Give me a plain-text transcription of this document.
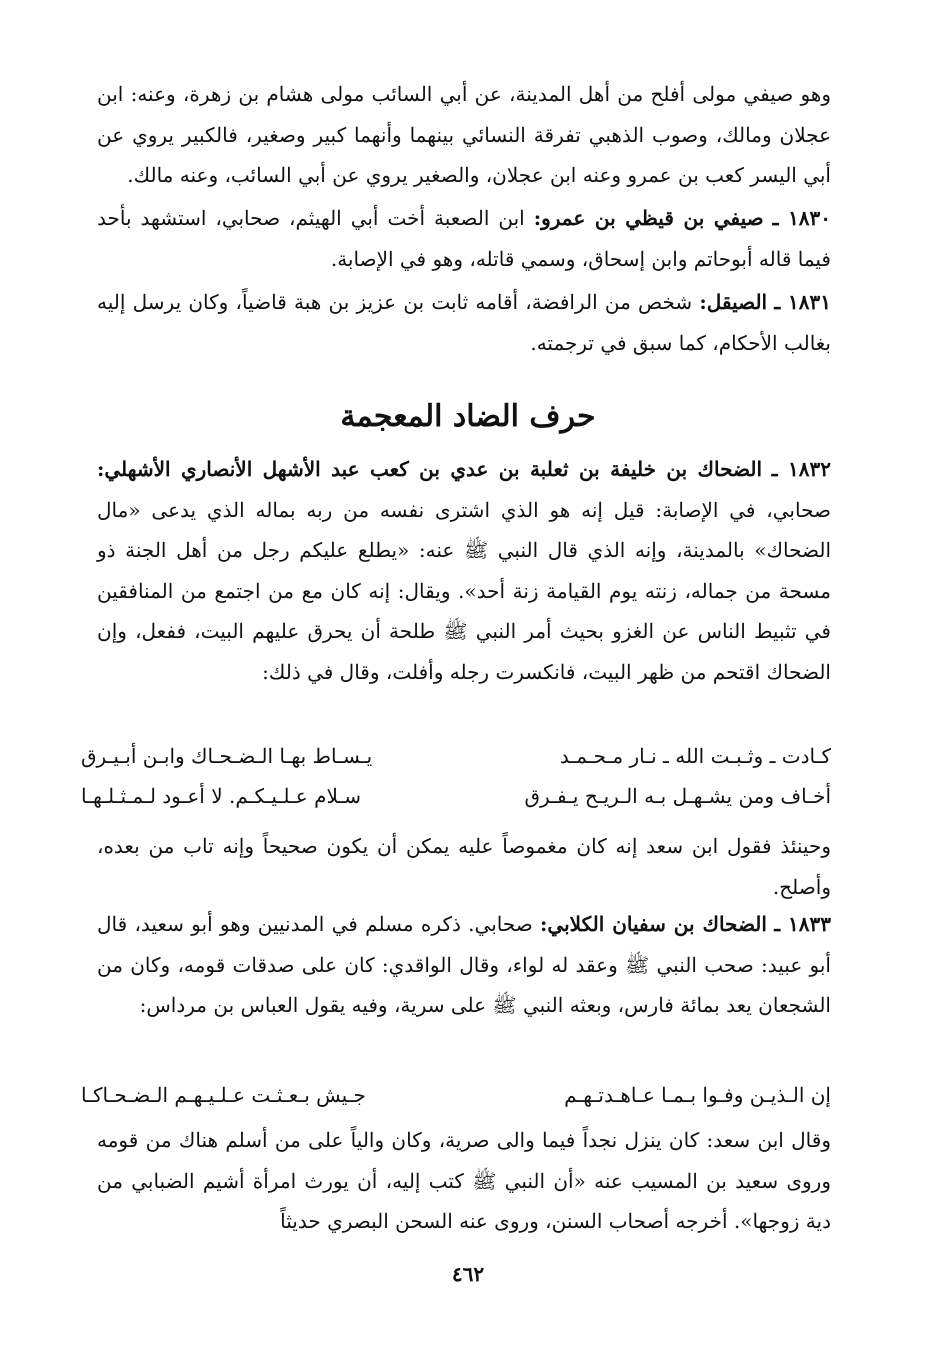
وهو صيفي مولى أفلح من أهل المدينة، عن أبي السائب مولى هشام بن زهرة، وعنه: ابن عجلان ومالك، وصوب الذهبي تفرقة النسائي بينهما وأنهما كبير وصغير، فالكبير يروي عن أبي اليسر كعب بن عمرو وعنه ابن عجلان، والصغير يروي عن أبي السائب، وعنه مالك.

١٨٣٠ ـ صيفي بن قيظي بن عمرو: ابن الصعبة أخت أبي الهيثم، صحابي، استشهد بأحد فيما قاله أبوحاتم وابن إسحاق، وسمي قاتله، وهو في الإصابة.

١٨٣١ ـ الصيقل: شخص من الرافضة، أقامه ثابت بن عزيز بن هبة قاضياً، وكان يرسل إليه بغالب الأحكام، كما سبق في ترجمته.

حرف الضاد المعجمة

١٨٣٢ ـ الضحاك بن خليفة بن ثعلبة بن عدي بن كعب عبد الأشهل الأنصاري الأشهلي: صحابي، في الإصابة: قيل إنه هو الذي اشترى نفسه من ربه بماله الذي يدعى «مال الضحاك» بالمدينة، وإنه الذي قال النبي ﷺ عنه: «يطلع عليكم رجل من أهل الجنة ذو مسحة من جماله، زنته يوم القيامة زنة أحد». ويقال: إنه كان مع من اجتمع من المنافقين في تثبيط الناس عن الغزو بحيث أمر النبي ﷺ طلحة أن يحرق عليهم البيت، ففعل، وإن الضحاك اقتحم من ظهر البيت، فانكسرت رجله وأفلت، وقال في ذلك:

كـادت ـ وثـبـت الله ـ نـار مـحـمـد
يـسـاط بهـا الـضـحـاك وابـن أبـيـرق
أخـاف ومن يشـهـل بـه الـريـح يـفـرق
سـلام عـلـيـكـم. لا أعـود لـمـثـلـهـا

وحينئذ فقول ابن سعد إنه كان مغموصاً عليه يمكن أن يكون صحيحاً وإنه تاب من بعده، وأصلح.

١٨٣٣ ـ الضحاك بن سفيان الكلابي: صحابي. ذكره مسلم في المدنيين وهو أبو سعيد، قال أبو عبيد: صحب النبي ﷺ وعقد له لواء، وقال الواقدي: كان على صدقات قومه، وكان من الشجعان يعد بمائة فارس، وبعثه النبي ﷺ على سرية، وفيه يقول العباس بن مرداس:

إن الـذيـن وفـوا بـمـا عـاهـدتـهـم
جـيش بـعـثـت عـلـيـهـم الـضـحـاكـا

وقال ابن سعد: كان ينزل نجداً فيما والى صرية، وكان والياً على من أسلم هناك من قومه وروى سعيد بن المسيب عنه «أن النبي ﷺ كتب إليه، أن يورث امرأة أشيم الضبابي من دية زوجها». أخرجه أصحاب السنن، وروى عنه السحن البصري حديثاً

٤٦٢
